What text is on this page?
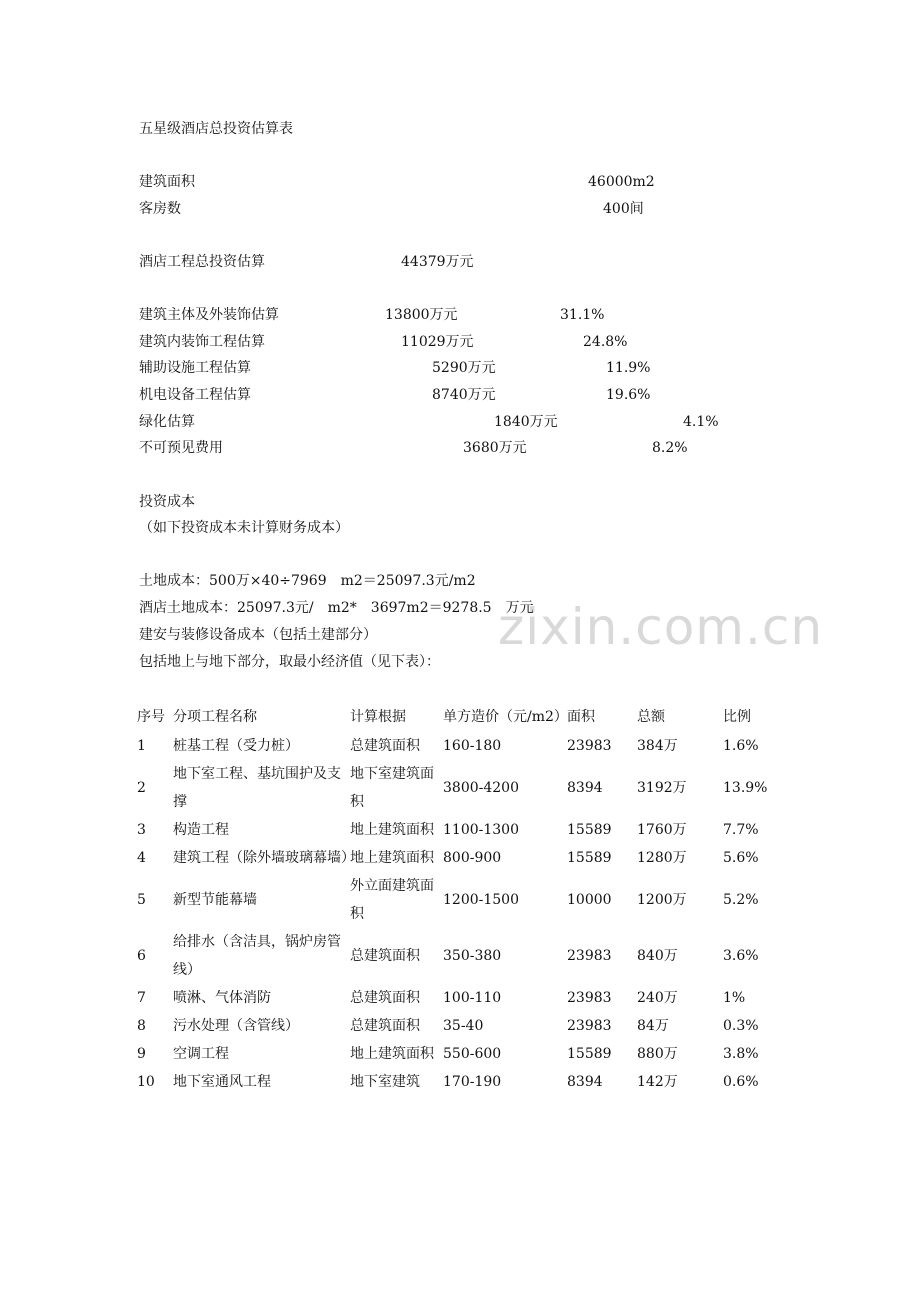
zixin.com.cn
五星级酒店总投资估算表
建筑面积	46000m2
客房数	400间
酒店工程总投资估算	44379万元
建筑主体及外装饰估算	13800万元	31.1%
建筑内装饰工程估算	11029万元	24.8%
辅助设施工程估算	5290万元	11.9%
机电设备工程估算	8740万元	19.6%
绿化估算	1840万元	4.1%
不可预见费用	3680万元	8.2%
投资成本
（如下投资成本未计算财务成本）
土地成本：500万×40÷7969　m2＝25097.3元/m2
酒店土地成本：25097.3元/　m2*　3697m2＝9278.5　万元
建安与装修设备成本（包括土建部分）
包括地上与地下部分，取最小经济值（见下表）：
序号	分项工程名称	计算根据	单方造价（元/m2）	面积	总额	比例
1	桩基工程（受力桩）	总建筑面积	160-180	23983	384万	1.6%
2	地下室工程、基坑围护及支撑	地下室建筑面积	3800-4200	8394	3192万	13.9%
3	构造工程	地上建筑面积	1100-1300	15589	1760万	7.7%
4	建筑工程（除外墙玻璃幕墙）	地上建筑面积	800-900	15589	1280万	5.6%
5	新型节能幕墙	外立面建筑面积	1200-1500	10000	1200万	5.2%
6	给排水（含洁具，锅炉房管线）	总建筑面积	350-380	23983	840万	3.6%
7	喷淋、气体消防	总建筑面积	100-110	23983	240万	1%
8	污水处理（含管线）	总建筑面积	35-40	23983	84万	0.3%
9	空调工程	地上建筑面积	550-600	15589	880万	3.8%
10	地下室通风工程	地下室建筑	170-190	8394	142万	0.6%
